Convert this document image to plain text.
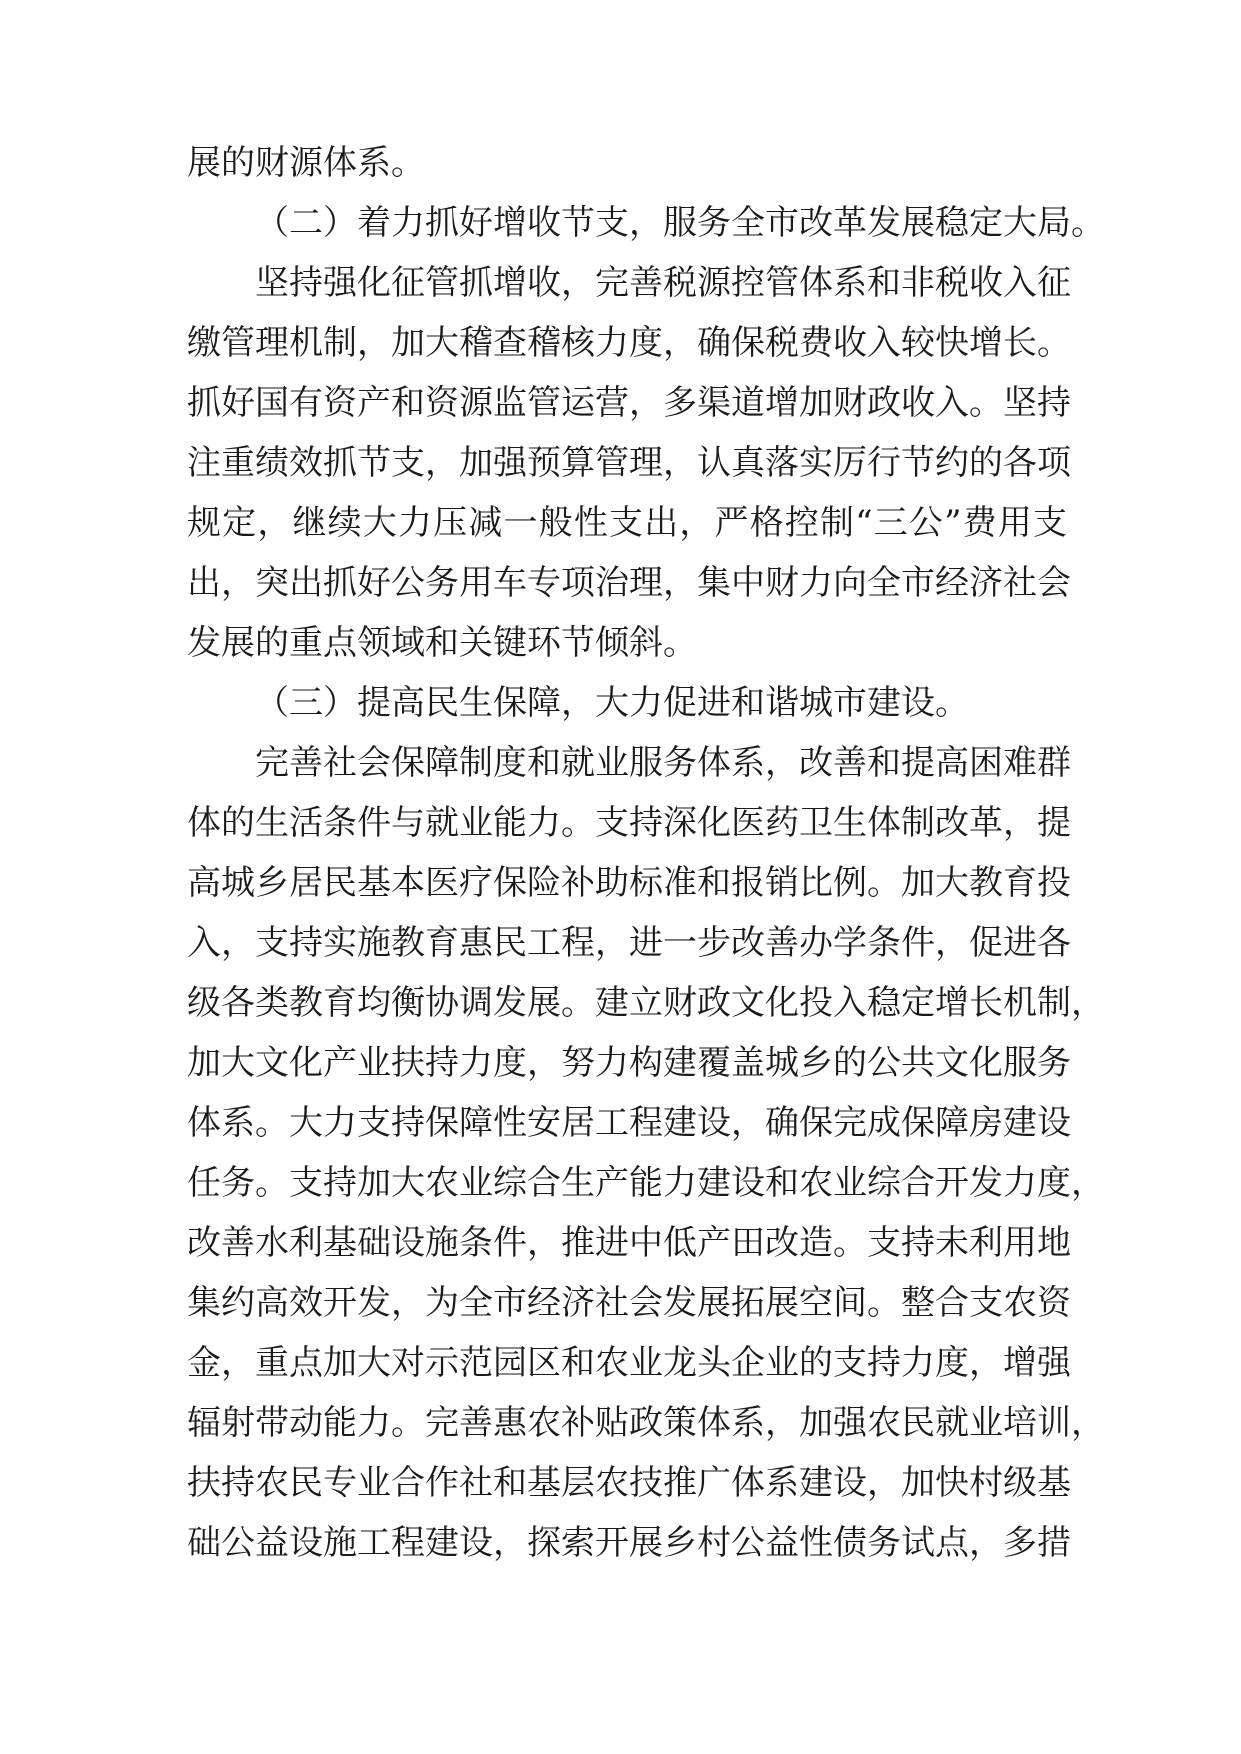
展的财源体系。
（二）着力抓好增收节支，服务全市改革发展稳定大局。
坚持强化征管抓增收，完善税源控管体系和非税收入征
缴管理机制，加大稽查稽核力度，确保税费收入较快增长。
抓好国有资产和资源监管运营，多渠道增加财政收入。坚持
注重绩效抓节支，加强预算管理，认真落实厉行节约的各项
规定，继续大力压减一般性支出，严格控制“三公”费用支
出，突出抓好公务用车专项治理，集中财力向全市经济社会
发展的重点领域和关键环节倾斜。
（三）提高民生保障，大力促进和谐城市建设。
完善社会保障制度和就业服务体系，改善和提高困难群
体的生活条件与就业能力。支持深化医药卫生体制改革，提
高城乡居民基本医疗保险补助标准和报销比例。加大教育投
入，支持实施教育惠民工程，进一步改善办学条件，促进各
级各类教育均衡协调发展。建立财政文化投入稳定增长机制，
加大文化产业扶持力度，努力构建覆盖城乡的公共文化服务
体系。大力支持保障性安居工程建设，确保完成保障房建设
任务。支持加大农业综合生产能力建设和农业综合开发力度，
改善水利基础设施条件，推进中低产田改造。支持未利用地
集约高效开发，为全市经济社会发展拓展空间。整合支农资
金，重点加大对示范园区和农业龙头企业的支持力度，增强
辐射带动能力。完善惠农补贴政策体系，加强农民就业培训，
扶持农民专业合作社和基层农技推广体系建设，加快村级基
础公益设施工程建设，探索开展乡村公益性债务试点，多措
